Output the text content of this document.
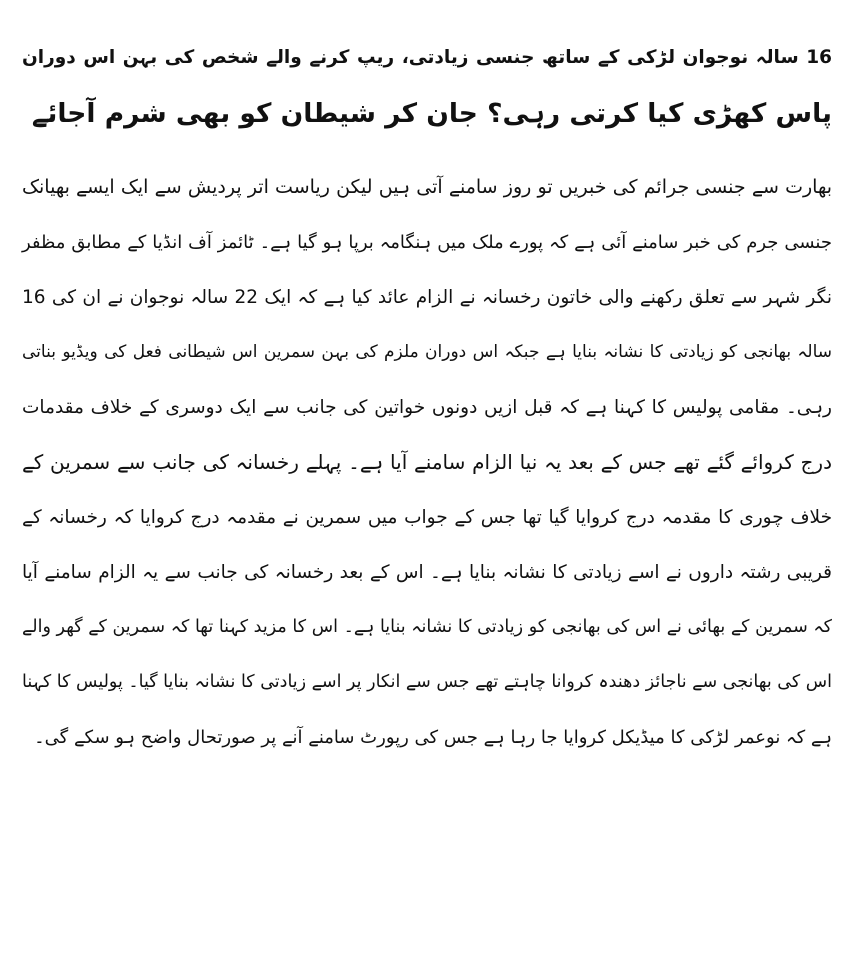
16 سالہ نوجوان لڑکی کے ساتھ جنسی زیادتی، ریپ کرنے والے شخص کی بہن اس دوران
پاس کھڑی کیا کرتی رہی؟ جان کر شیطان کو بھی شرم آجائے
بھارت سے جنسی جرائم کی خبریں تو روز سامنے آتی ہیں لیکن ریاست اتر پردیش سے ایک ایسے بھیانک
جنسی جرم کی خبر سامنے آئی ہے کہ پورے ملک میں ہنگامہ برپا ہو گیا ہے۔ ٹائمز آف انڈیا کے مطابق مظفر
نگر شہر سے تعلق رکھنے والی خاتون رخسانہ نے الزام عائد کیا ہے کہ ایک 22 سالہ نوجوان نے ان کی 16
سالہ بھانجی کو زیادتی کا نشانہ بنایا ہے جبکہ اس دوران ملزم کی بہن سمرین اس شیطانی فعل کی ویڈیو بناتی
رہی۔ مقامی پولیس کا کہنا ہے کہ قبل ازیں دونوں خواتین کی جانب سے ایک دوسری کے خلاف مقدمات
درج کروائے گئے تھے جس کے بعد یہ نیا الزام سامنے آیا ہے۔ پہلے رخسانہ کی جانب سے سمرین کے
خلاف چوری کا مقدمہ درج کروایا گیا تھا جس کے جواب میں سمرین نے مقدمہ درج کروایا کہ رخسانہ کے
قریبی رشتہ داروں نے اسے زیادتی کا نشانہ بنایا ہے۔ اس کے بعد رخسانہ کی جانب سے یہ الزام سامنے آیا
کہ سمرین کے بھائی نے اس کی بھانجی کو زیادتی کا نشانہ بنایا ہے۔ اس کا مزید کہنا تھا کہ سمرین کے گھر والے
اس کی بھانجی سے ناجائز دھندہ کروانا چاہتے تھے جس سے انکار پر اسے زیادتی کا نشانہ بنایا گیا۔ پولیس کا کہنا
ہے کہ نوعمر لڑکی کا میڈیکل کروایا جا رہا ہے جس کی رپورٹ سامنے آنے پر صورتحال واضح ہو سکے گی۔
